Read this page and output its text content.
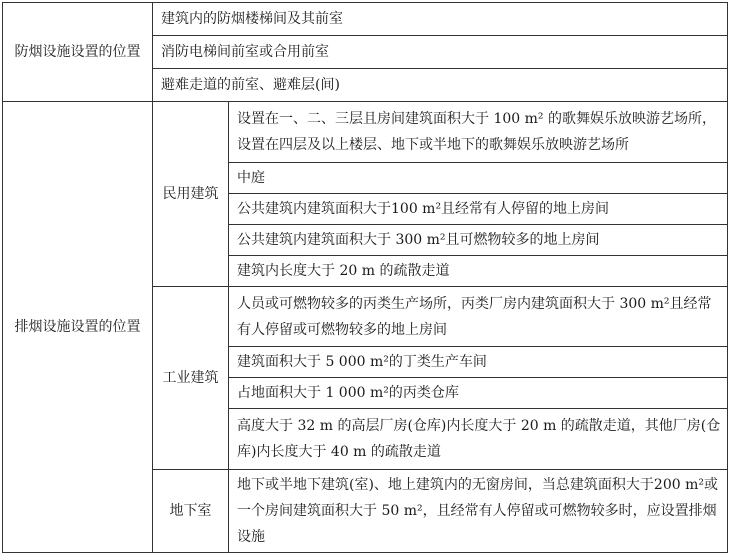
防烟设施设置的位置	建筑内的防烟楼梯间及其前室	
	消防电梯间前室或合用前室	
	避难走道的前室、避难层(间)	
排烟设施设置的位置	民用建筑	设置在一、二、三层且房间建筑面积大于 100 m² 的歌舞娱乐放映游艺场所，设置在四层及以上楼层、地下或半地下的歌舞娱乐放映游艺场所
		中庭
		公共建筑内建筑面积大于100 m²且经常有人停留的地上房间
		公共建筑内建筑面积大于 300 m²且可燃物较多的地上房间
		建筑内长度大于 20 m 的疏散走道
	工业建筑	人员或可燃物较多的丙类生产场所，丙类厂房内建筑面积大于 300 m²且经常有人停留或可燃物较多的地上房间
		建筑面积大于 5 000 m²的丁类生产车间
		占地面积大于 1 000 m²的丙类仓库
		高度大于 32 m 的高层厂房(仓库)内长度大于 20 m 的疏散走道，其他厂房(仓库)内长度大于 40 m 的疏散走道
	地下室	地下或半地下建筑(室)、地上建筑内的无窗房间，当总建筑面积大于200 m²或一个房间建筑面积大于 50 m²，且经常有人停留或可燃物较多时，应设置排烟设施
